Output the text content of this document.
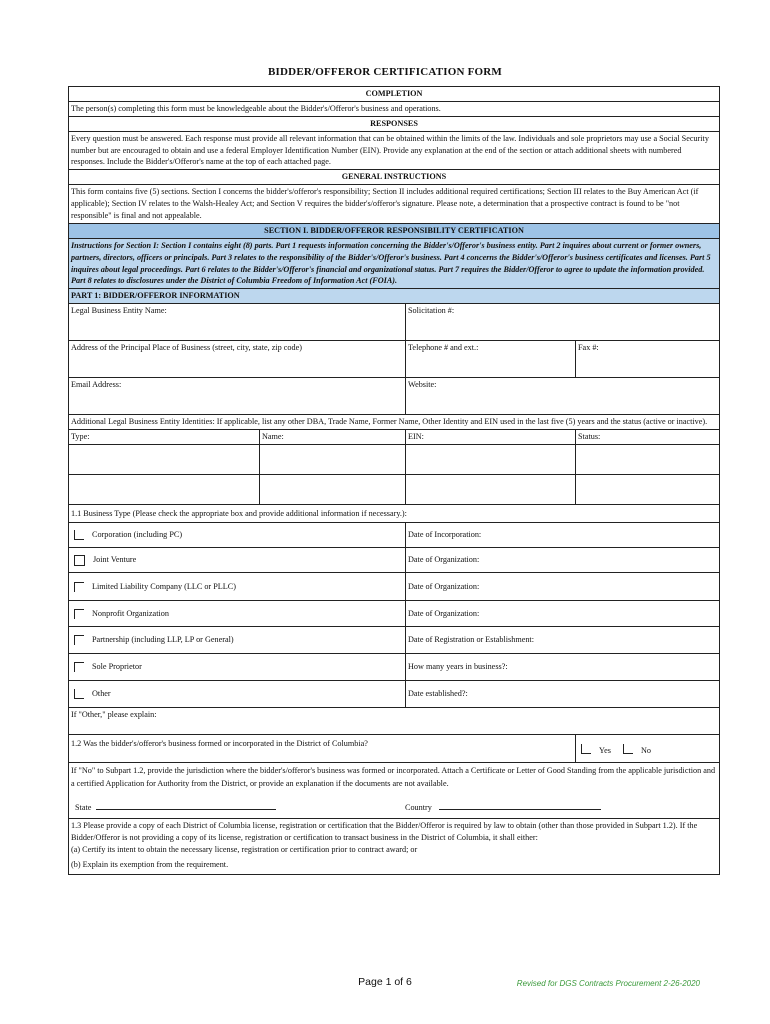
BIDDER/OFFEROR CERTIFICATION FORM
COMPLETION
The person(s) completing this form must be knowledgeable about the Bidder's/Offeror's business and operations.
RESPONSES
Every question must be answered. Each response must provide all relevant information that can be obtained within the limits of the law. Individuals and sole proprietors may use a Social Security number but are encouraged to obtain and use a federal Employer Identification Number (EIN). Provide any explanation at the end of the section or attach additional sheets with numbered responses. Include the Bidder's/Offeror's name at the top of each attached page.
GENERAL INSTRUCTIONS
This form contains five (5) sections. Section I concerns the bidder's/offeror's responsibility; Section II includes additional required certifications; Section III relates to the Buy American Act (if applicable); Section IV relates to the Walsh-Healey Act; and Section V requires the bidder's/offeror's signature. Please note, a determination that a prospective contract is found to be "not responsible" is final and not appealable.
SECTION I. BIDDER/OFFEROR RESPONSIBILITY CERTIFICATION
Instructions for Section I: Section I contains eight (8) parts. Part 1 requests information concerning the Bidder's/Offeror's business entity. Part 2 inquires about current or former owners, partners, directors, officers or principals. Part 3 relates to the responsibility of the Bidder's/Offeror's business. Part 4 concerns the Bidder's/Offeror's business certificates and licenses. Part 5 inquires about legal proceedings. Part 6 relates to the Bidder's/Offeror's financial and organizational status. Part 7 requires the Bidder/Offeror to agree to update the information provided. Part 8 relates to disclosures under the District of Columbia Freedom of Information Act (FOIA).
PART 1: BIDDER/OFFEROR INFORMATION
Legal Business Entity Name:	Solicitation #:
Address of the Principal Place of Business (street, city, state, zip code)	Telephone # and ext.:	Fax #:
Email Address:	Website:
Additional Legal Business Entity Identities: If applicable, list any other DBA, Trade Name, Former Name, Other Identity and EIN used in the last five (5) years and the status (active or inactive).
Type:	Name:	EIN:	Status:
1.1 Business Type (Please check the appropriate box and provide additional information if necessary.):
Corporation (including PC)	Date of Incorporation:
Joint Venture	Date of Organization:
Limited Liability Company (LLC or PLLC)	Date of Organization:
Nonprofit Organization	Date of Organization:
Partnership (including LLP, LP or General)	Date of Registration or Establishment:
Sole Proprietor	How many years in business?:
Other	Date established?:
If "Other," please explain:
1.2 Was the bidder's/offeror's business formed or incorporated in the District of Columbia?
Yes	No
If "No" to Subpart 1.2, provide the jurisdiction where the bidder's/offeror's business was formed or incorporated. Attach a Certificate or Letter of Good Standing from the applicable jurisdiction and a certified Application for Authority from the District, or provide an explanation if the documents are not available.
State	Country
1.3 Please provide a copy of each District of Columbia license, registration or certification that the Bidder/Offeror is required by law to obtain (other than those provided in Subpart 1.2). If the Bidder/Offeror is not providing a copy of its license, registration or certification to transact business in the District of Columbia, it shall either:
(a) Certify its intent to obtain the necessary license, registration or certification prior to contract award; or
(b) Explain its exemption from the requirement.
Page 1 of 6	Revised for DGS Contracts Procurement 2-26-2020
